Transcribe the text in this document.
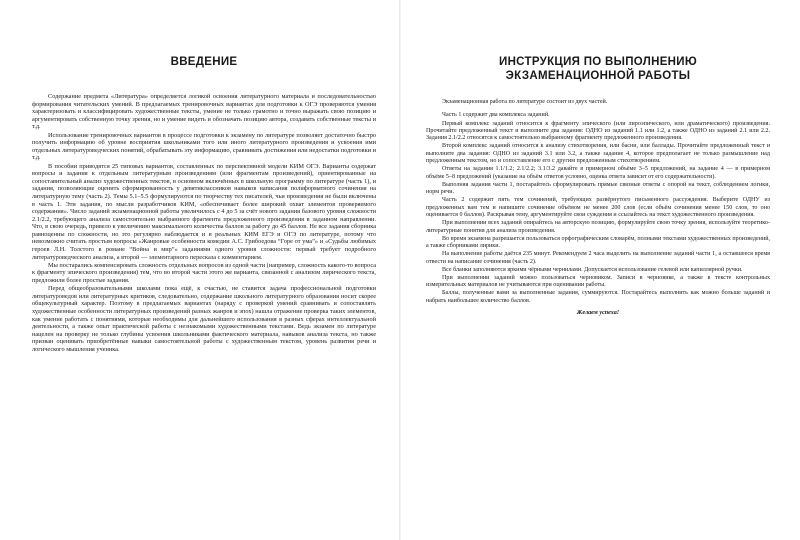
ВВЕДЕНИЕ

Содержание предмета «Литература» определяется логикой освоения литературного материала и последовательностью формирования читательских умений. В предлагаемых тренировочных вариантах для подготовки к ОГЭ проверяются умения характеризовать и классифицировать художественные тексты, умение не только грамотно и точно выражать свою позицию и аргументировать собственную точку зрения, но и умение видеть и обозначать позицию автора, создавать собственные тексты и т.д.

Использование тренировочных вариантов в процессе подготовки к экзамену по литературе позволяет достаточно быстро получить информацию об уровне восприятия школьниками того или иного литературного произведения и усвоения ими отдельных литературоведческих понятий, обрабатывать эту информацию, сравнивать достижения или недостатки подготовки и т.д.

В пособии приводятся 25 типовых вариантов, составленных по перспективной модели КИМ ОГЭ. Варианты содержат вопросы и задания к отдельным литературным произведениям (или фрагментам произведений), ориентированные на сопоставительный анализ художественных текстов, в основном включённых в школьную программу по литературе (часть 1), и задания, позволяющие оценить сформированность у девятиклассников навыков написания полиформатного сочинения на литературную тему (часть 2). Темы 5.1–5.5 формулируются по творчеству тех писателей, чьи произведения не были включены в часть 1. Эти задания, по мысли разработчиков КИМ, «обеспечивает более широкий охват элементов проверяемого содержания». Число заданий экзаменационной работы увеличилось с 4 до 5 за счёт нового задания базового уровня сложности 2.1/2.2, требующего анализа самостоятельно выбранного фрагмента предложенного произведения в заданном направлении. Что, в свою очередь, привело к увеличению максимального количества баллов за работу до 45 баллов. Не все задания сборника равноценны по сложности, но это регулярно наблюдается и в реальных КИМ ЕГЭ и ОГЭ по литературе, потому что невозможно считать простым вопросы «Жанровые особенности комедии А.С. Грибоедова “Горе от ума”» и «Судьбы любимых героев Л.Н. Толстого в романе “Война и мир”» заданиями одного уровня сложности: первый требует подробного литературоведческого анализа, а второй — элементарного пересказа с комментарием.

Мы постарались компенсировать сложность отдельных вопросов из одной части (например, сложность какого-то вопроса к фрагменту эпического произведения) тем, что во второй части этого же варианта, связанной с анализом лирического текста, предложили более простые задания.

Перед общеобразовательными школами пока ещё, к счастью, не ставится задача профессиональной подготовки литературоведов или литературных критиков, следовательно, содержание школьного литературного образования носит скорее общекультурный характер. Поэтому в предлагаемых вариантах (наряду с проверкой умений сравнивать и сопоставлять художественные особенности литературных произведений разных жанров и эпох) нашла отражение проверка таких элементов, как умение работать с понятиями, которые необходимы для дальнейшего использования в разных сферах интеллектуальной деятельности, а также опыт практической работы с незнакомыми художественными текстами. Ведь экзамен по литературе нацелен на проверку не только глубины усвоения школьниками фактического материала, навыков анализа текста, но также призван оценивать приобретённые навыки самостоятельной работы с художественным текстом, уровень развития речи и логического мышления ученика.

ИНСТРУКЦИЯ ПО ВЫПОЛНЕНИЮ
ЭКЗАМЕНАЦИОННОЙ РАБОТЫ

Экзаменационная работа по литературе состоит из двух частей.

Часть 1 содержит два комплекса заданий.

Первый комплекс заданий относится к фрагменту эпического (или лироэпического, или драматического) произведения. Прочитайте предложенный текст и выполните два задания: ОДНО из заданий 1.1 или 1.2, а также ОДНО из заданий 2.1 или 2.2. Задания 2.1/2.2 относятся к самостоятельно выбранному фрагменту предложенного произведения.

Второй комплекс заданий относится к анализу стихотворения, или басни, или баллады. Прочитайте предложенный текст и выполните два задания: ОДНО из заданий 3.1 или 3.2, а также задание 4, которое предполагает не только размышление над предложенным текстом, но и сопоставление его с другим предложенным стихотворением.

Ответы на задания 1.1/1.2; 2.1/2.2; 3.1/3.2 давайте в примерном объёме 3–5 предложений, на задание 4 — в примерном объёме 5–8 предложений (указание на объём ответов условно, оценка ответа зависит от его содержательности).

Выполняя задания части 1, постарайтесь сформулировать прямые связные ответы с опорой на текст, соблюдением логики, норм речи.

Часть 2 содержит пять тем сочинений, требующих развёрнутого письменного рассуждения. Выберите ОДНУ из предложенных вам тем и напишите сочинение объёмом не менее 200 слов (если объём сочинения менее 150 слов, то оно оценивается 0 баллов). Раскрывая тему, аргументируйте свои суждения и ссылайтесь на текст художественного произведения.

При выполнении всех заданий опирайтесь на авторскую позицию, формулируйте свою точку зрения, используйте теоретико-литературные понятия для анализа произведения.

Во время экзамена разрешается пользоваться орфографическим словарём, полными текстами художественных произведений, а также сборниками лирики.

На выполнение работы даётся 235 минут. Рекомендуем 2 часа выделить на выполнение заданий части 1, а оставшееся время отвести на написание сочинения (часть 2).

Все бланки заполняются яркими чёрными чернилами. Допускается использование гелевой или капиллярной ручки.

При выполнении заданий можно пользоваться черновиком. Записи в черновике, а также в тексте контрольных измерительных материалов не учитываются при оценивании работы.

Баллы, полученные вами за выполненные задания, суммируются. Постарайтесь выполнить как можно больше заданий и набрать наибольшее количество баллов.

Желаем успеха!
